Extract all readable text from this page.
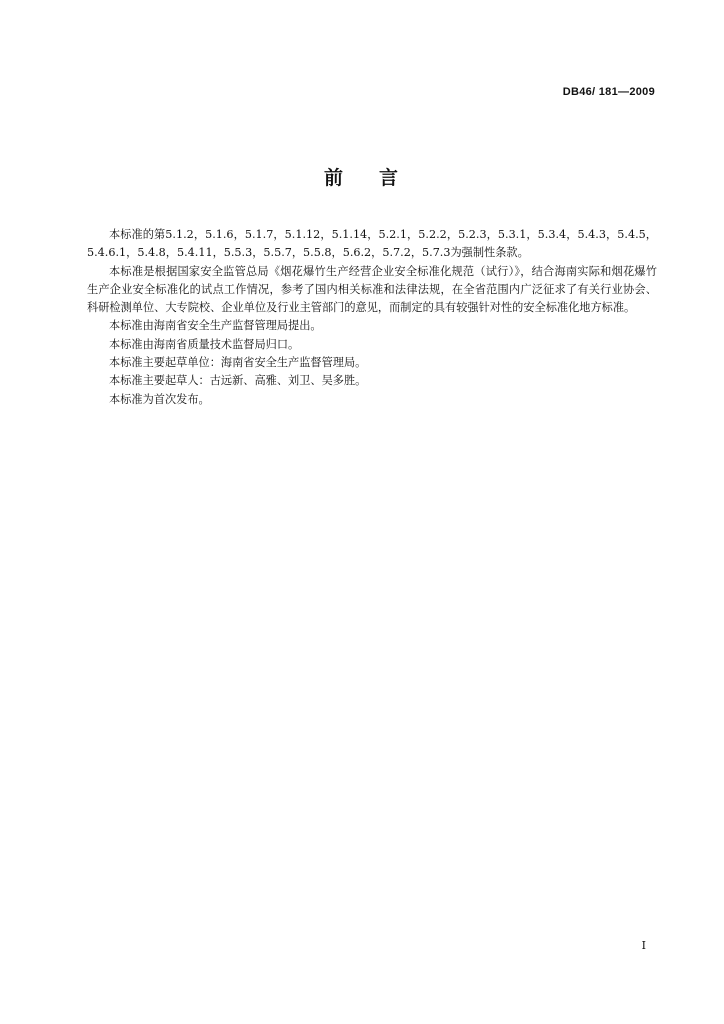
DB46/ 181—2009
前 言

本标准的第5.1.2，5.1.6，5.1.7，5.1.12，5.1.14，5.2.1，5.2.2，5.2.3，5.3.1，5.3.4，5.4.3，5.4.5，5.4.6.1，5.4.8，5.4.11，5.5.3，5.5.7，5.5.8，5.6.2，5.7.2，5.7.3为强制性条款。

本标准是根据国家安全监管总局《烟花爆竹生产经营企业安全标准化规范（试行）》，结合海南实际和烟花爆竹生产企业安全标准化的试点工作情况，参考了国内相关标准和法律法规，在全省范围内广泛征求了有关行业协会、科研检测单位、大专院校、企业单位及行业主管部门的意见，而制定的具有较强针对性的安全标准化地方标准。

本标准由海南省安全生产监督管理局提出。

本标准由海南省质量技术监督局归口。

本标准主要起草单位：海南省安全生产监督管理局。

本标准主要起草人：古远新、高雅、刘卫、吴多胜。

本标准为首次发布。

I
